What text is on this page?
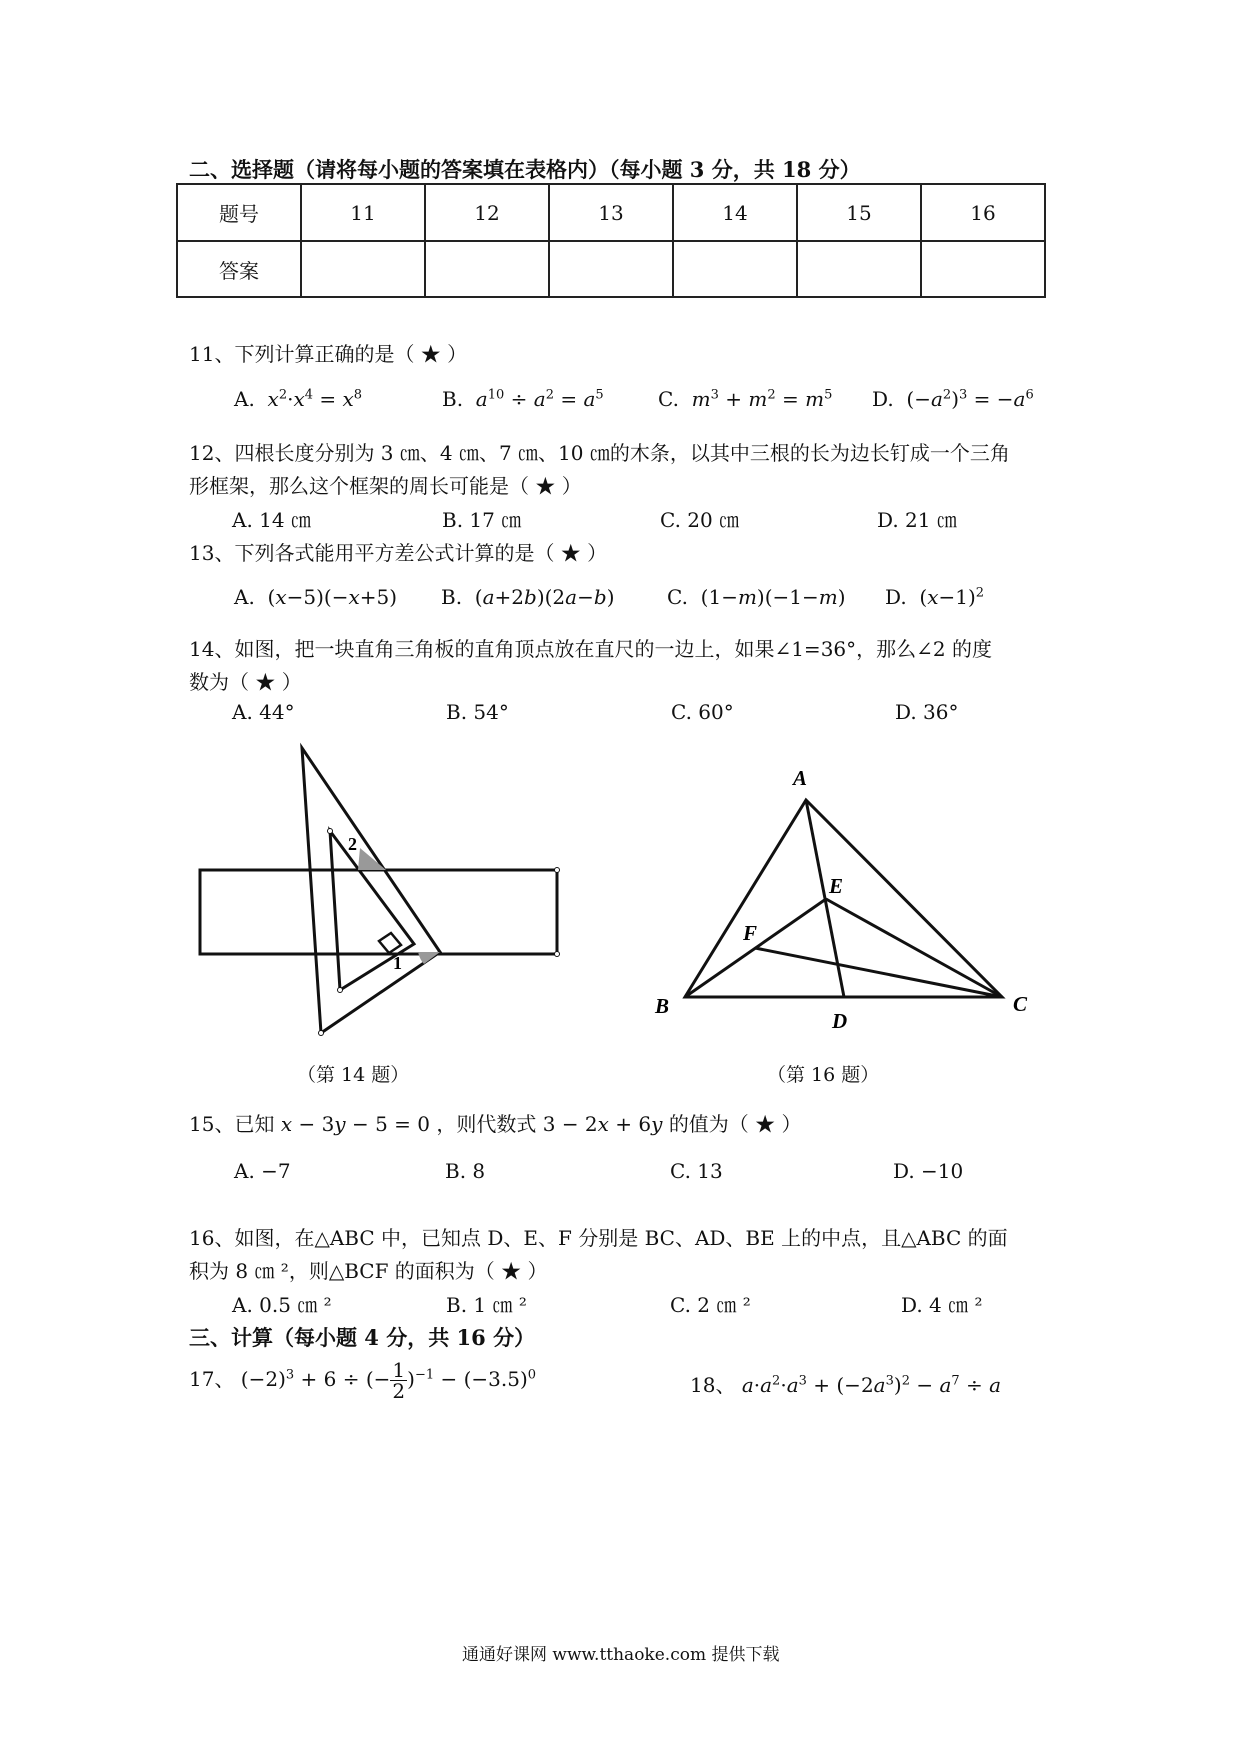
二、选择题（请将每小题的答案填在表格内）（每小题 3 分，共 18 分）
题号	11	12	13	14	15	16
答案						
11、下列计算正确的是（ ★ ）
A. $x^2\cdot x^4 = x^8$	B. $a^{10} \div a^2 = a^5$	C. $m^3 + m^2 = m^5$ D.  $(-a^2)^3 = -a^6$
12、四根长度分别为 3 ㎝、4 ㎝、7 ㎝、10 ㎝的木条，以其中三根的长为边长钉成一个三角
形框架，那么这个框架的周长可能是（ ★ ）
A. 14 ㎝	B. 17 ㎝	C. 20 ㎝	D. 21 ㎝
13、下列各式能用平方差公式计算的是（ ★ ）
A.  (x−5)(−x+5) B.  (a+2b)(2a−b)	C.  (1−m)(−1−m) D.  $(x-1)^2$
14、如图，把一块直角三角板的直角顶点放在直尺的一边上，如果∠1=36°，那么∠2 的度
数为（ ★ ）
A. 44°	B. 54°	C. 60°	D. 36°
2
1
（第 14 题）
A
B	C
D
E
F
（第 16 题）
15、已知 x − 3y − 5 = 0 ，则代数式 3 − 2x + 6y 的值为（ ★ ）
A. −7	B. 8	C. 13	D. −10
16、如图，在△ABC 中，已知点 D、E、F 分别是 BC、AD、BE 上的中点，且△ABC 的面
积为 8 ㎝ ²，则△BCF 的面积为（ ★ ）
A. 0.5 ㎝ ²	B. 1 ㎝ ²	C. 2 ㎝ ²	D. 4 ㎝ ²
三、计算（每小题 4 分，共 16 分）
17、 $(-2)^3 + 6$ ÷ (− $\frac{1}{2} )^{-1} - (-3.5)^0$	18、 $a\cdot a^2\cdot a^3 + (-2a^3)^2 - a^7 \div a$
通通好课网 www.tthaoke.com 提供下载
